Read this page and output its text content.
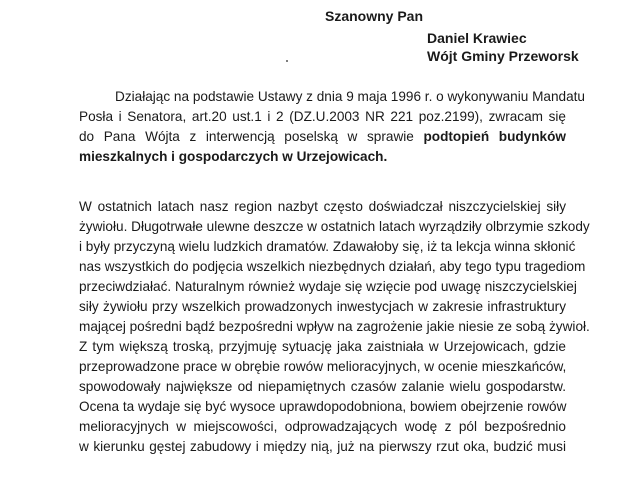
Szanowny Pan
Daniel Krawiec
Wójt Gminy Przeworsk
Działając na podstawie Ustawy z dnia 9 maja 1996 r. o wykonywaniu Mandatu
Posła i Senatora, art.20 ust.1 i 2 (DZ.U.2003 NR 221 poz.2199), zwracam się
do Pana Wójta z interwencją poselską w sprawie podtopień budynków
mieszkalnych i gospodarczych w Urzejowicach.
W ostatnich latach nasz region nazbyt często doświadczał niszczycielskiej siły
żywiołu. Długotrwałe ulewne deszcze w ostatnich latach wyrządziły olbrzymie szkody
i były przyczyną wielu ludzkich dramatów. Zdawałoby się, iż ta lekcja winna skłonić
nas wszystkich do podjęcia wszelkich niezbędnych działań, aby tego typu tragediom
przeciwdziałać. Naturalnym również wydaje się wzięcie pod uwagę niszczycielskiej
siły żywiołu przy wszelkich prowadzonych inwestycjach w zakresie infrastruktury
mającej pośredni bądź bezpośredni wpływ na zagrożenie jakie niesie ze sobą żywioł.
Z tym większą troską, przyjmuję sytuację jaka zaistniała w Urzejowicach, gdzie
przeprowadzone prace w obrębie rowów melioracyjnych, w ocenie mieszkańców,
spowodowały największe od niepamiętnych czasów zalanie wielu gospodarstw.
Ocena ta wydaje się być wysoce uprawdopodobniona, bowiem obejrzenie rowów
melioracyjnych w miejscowości, odprowadzających wodę z pól bezpośrednio
w kierunku gęstej zabudowy i między nią, już na pierwszy rzut oka, budzić musi
